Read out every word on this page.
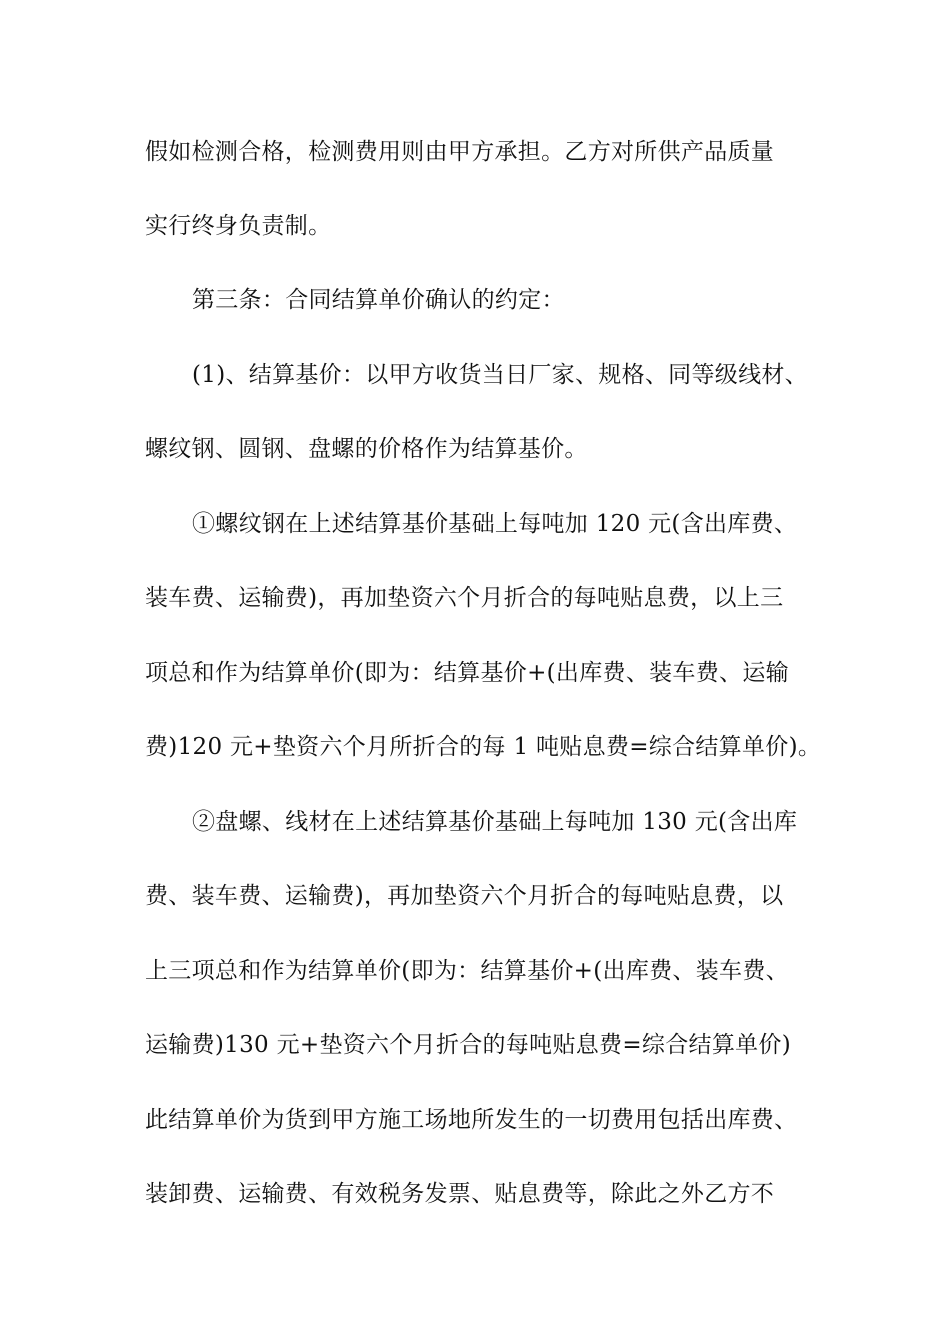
假如检测合格，检测费用则由甲方承担。乙方对所供产品质量
实行终身负责制。
第三条：合同结算单价确认的约定：
(1)、结算基价：以甲方收货当日厂家、规格、同等级线材、
螺纹钢、圆钢、盘螺的价格作为结算基价。
①螺纹钢在上述结算基价基础上每吨加 120 元(含出库费、
装车费、运输费)，再加垫资六个月折合的每吨贴息费，以上三
项总和作为结算单价(即为：结算基价+(出库费、装车费、运输
费)120 元+垫资六个月所折合的每 1 吨贴息费=综合结算单价)。
②盘螺、线材在上述结算基价基础上每吨加 130 元(含出库
费、装车费、运输费)，再加垫资六个月折合的每吨贴息费，以
上三项总和作为结算单价(即为：结算基价+(出库费、装车费、
运输费)130 元+垫资六个月折合的每吨贴息费=综合结算单价)
此结算单价为货到甲方施工场地所发生的一切费用包括出库费、
装卸费、运输费、有效税务发票、贴息费等，除此之外乙方不
